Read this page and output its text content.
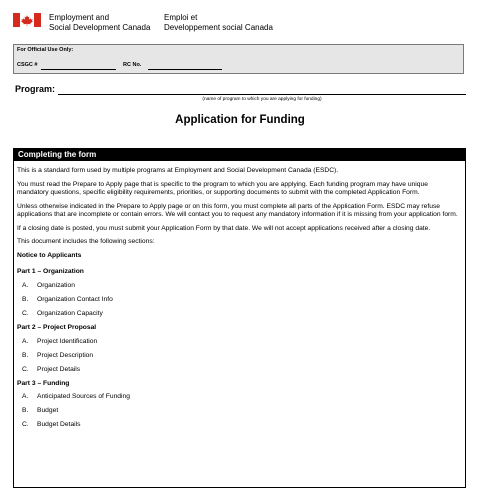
Employment and
Social Development Canada
Emploi et
Developpement social Canada
For Official Use Only:
CSGC #	RC No.
Program:
(name of program to which you are applying for funding)
Application for Funding
Completing the form

This is a standard form used by multiple programs at Employment and Social Development Canada (ESDC).

You must read the Prepare to Apply page that is specific to the program to which you are applying. Each funding program may have unique mandatory questions, specific eligibility requirements, priorities, or supporting documents to submit with the completed Application Form.

Unless otherwise indicated in the Prepare to Apply page or on this form, you must complete all parts of the Application Form. ESDC may refuse applications that are incomplete or contain errors. We will contact you to request any mandatory information if it is missing from your application form.

If a closing date is posted, you must submit your Application Form by that date. We will not accept applications received after a closing date.

This document includes the following sections:

Notice to Applicants

Part 1 – Organization

A. Organization
B. Organization Contact Info
C. Organization Capacity

Part 2 – Project Proposal

A. Project Identification
B. Project Description
C. Project Details

Part 3 – Funding

A. Anticipated Sources of Funding
B. Budget
C. Budget Details
